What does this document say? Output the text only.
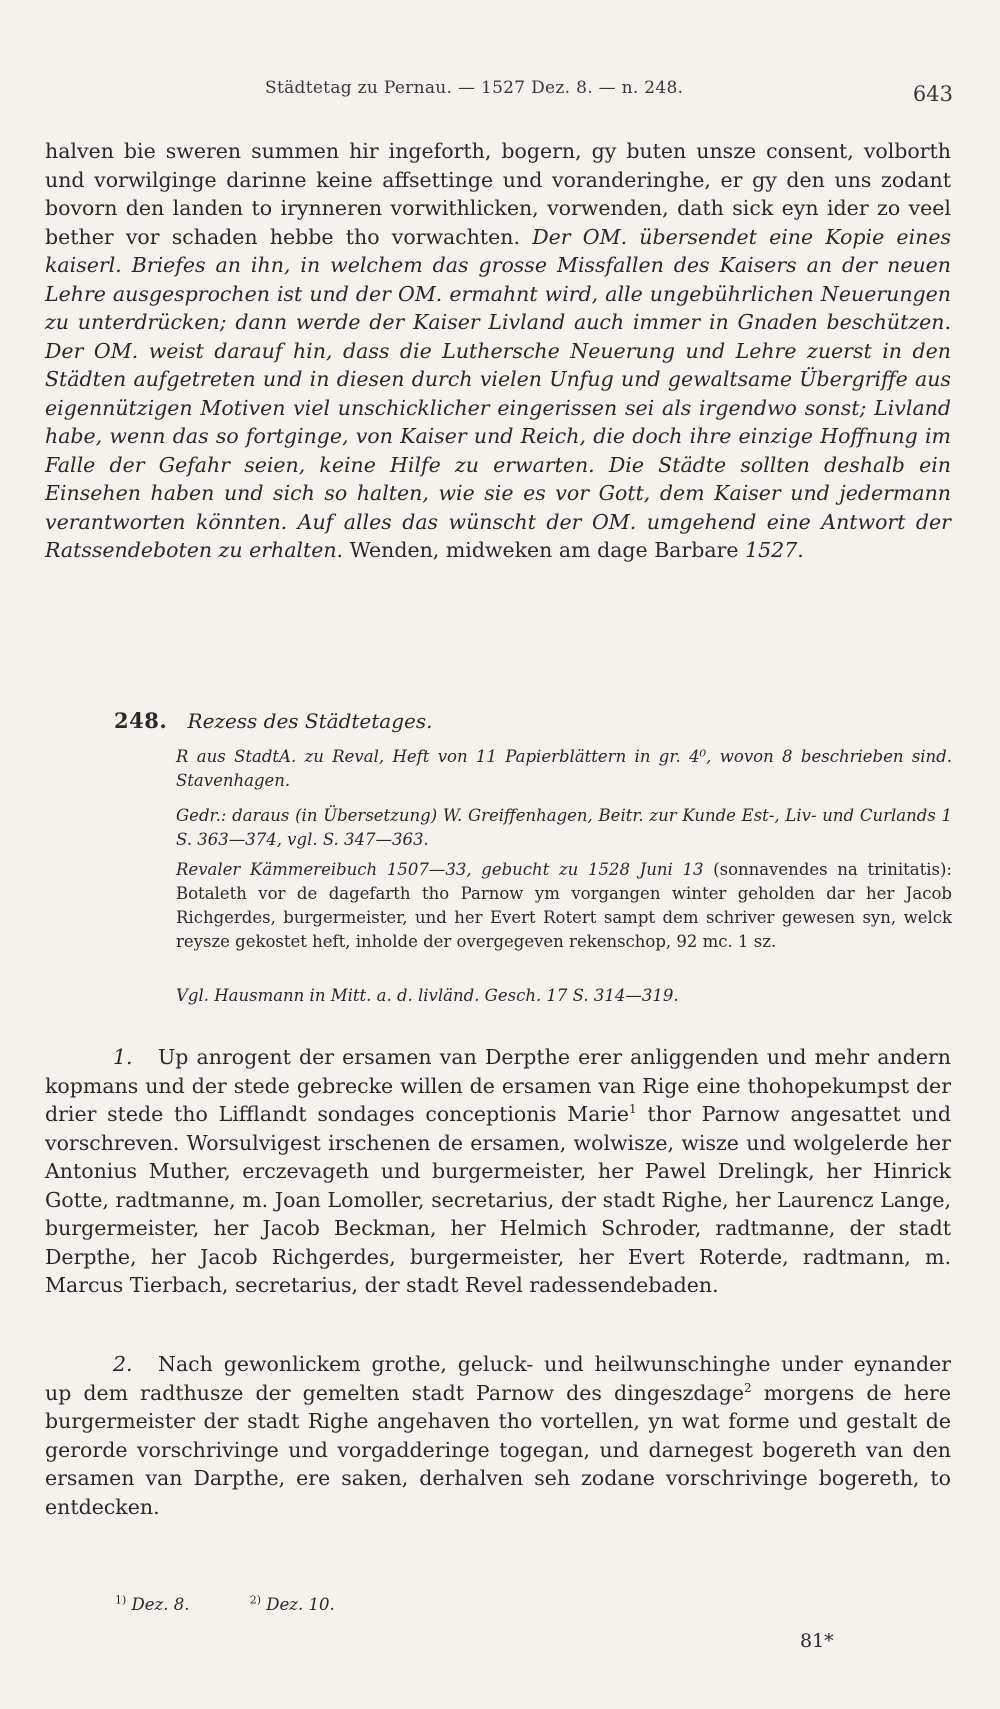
Städtetag zu Pernau. — 1527 Dez. 8. — n. 248.	643
halven bie sweren summen hir ingeforth, bogern, gy buten unsze consent, volborth und vorwilginge darinne keine affsettinge und voranderinghe, er gy den uns zodant bovorn den landen to irynneren vorwithlicken, vorwenden, dath sick eyn ider zo veel bether vor schaden hebbe tho vorwachten. Der OM. übersendet eine Kopie eines kaiserl. Briefes an ihn, in welchem das grosse Missfallen des Kaisers an der neuen Lehre ausgesprochen ist und der OM. ermahnt wird, alle ungebührlichen Neuerungen zu unterdrücken; dann werde der Kaiser Livland auch immer in Gnaden beschützen. Der OM. weist darauf hin, dass die Luthersche Neuerung und Lehre zuerst in den Städten aufgetreten und in diesen durch vielen Unfug und gewaltsame Übergriffe aus eigennützigen Motiven viel unschicklicher eingerissen sei als irgendwo sonst; Livland habe, wenn das so fortginge, von Kaiser und Reich, die doch ihre einzige Hoffnung im Falle der Gefahr seien, keine Hilfe zu erwarten. Die Städte sollten deshalb ein Einsehen haben und sich so halten, wie sie es vor Gott, dem Kaiser und jedermann verantworten könnten. Auf alles das wünscht der OM. umgehend eine Antwort der Ratssendeboten zu erhalten. Wenden, midweken am dage Barbare 1527.
248. Rezess des Städtetages.

R aus StadtA. zu Reval, Heft von 11 Papierblättern in gr. 4⁰, wovon 8 beschrieben sind. Stavenhagen.

Gedr.: daraus (in Übersetzung) W. Greiffenhagen, Beitr. zur Kunde Est-, Liv- und Curlands 1 S. 363—374, vgl. S. 347—363.

Revaler Kämmereibuch 1507—33, gebucht zu 1528 Juni 13 (sonnavendes na trinitatis): Botaleth vor de dagefarth tho Parnow ym vorgangen winter geholden dar her Jacob Richgerdes, burgermeister, und her Evert Rotert sampt dem schriver gewesen syn, welck reysze gekostet heft, inholde der overgegeven rekenschop, 92 mc. 1 sz.

Vgl. Hausmann in Mitt. a. d. livländ. Gesch. 17 S. 314—319.

1. Up anrogent der ersamen van Derpthe erer anliggenden und mehr andern kopmans und der stede gebrecke willen de ersamen van Rige eine thohopekumpst der drier stede tho Lifflandt sondages conceptionis Marie$^1$ thor Parnow angesattet und vorschreven. Worsulvigest irschenen de ersamen, wolwisze, wisze und wolgelerde her Antonius Muther, erczevageth und burgermeister, her Pawel Drelingk, her Hinrick Gotte, radtmanne, m. Joan Lomoller, secretarius, der stadt Righe, her Laurencz Lange, burgermeister, her Jacob Beckman, her Helmich Schroder, radtmanne, der stadt Derpthe, her Jacob Richgerdes, burgermeister, her Evert Roterde, radtmann, m. Marcus Tierbach, secretarius, der stadt Revel radessendebaden.
2. Nach gewonlickem grothe, geluck- und heilwunschinghe under eynander up dem radthusze der gemelten stadt Parnow des dingeszdage$^2$ morgens de here burgermeister der stadt Righe angehaven tho vortellen, yn wat forme und gestalt de gerorde vorschrivinge und vorgadderinge togegan, und darnegest bogereth van den ersamen van Darpthe, ere saken, derhalven seh zodane vorschrivinge bogereth, to entdecken.
$^{1)}$ Dez. 8.	$^{2)}$ Dez. 10.
81*
